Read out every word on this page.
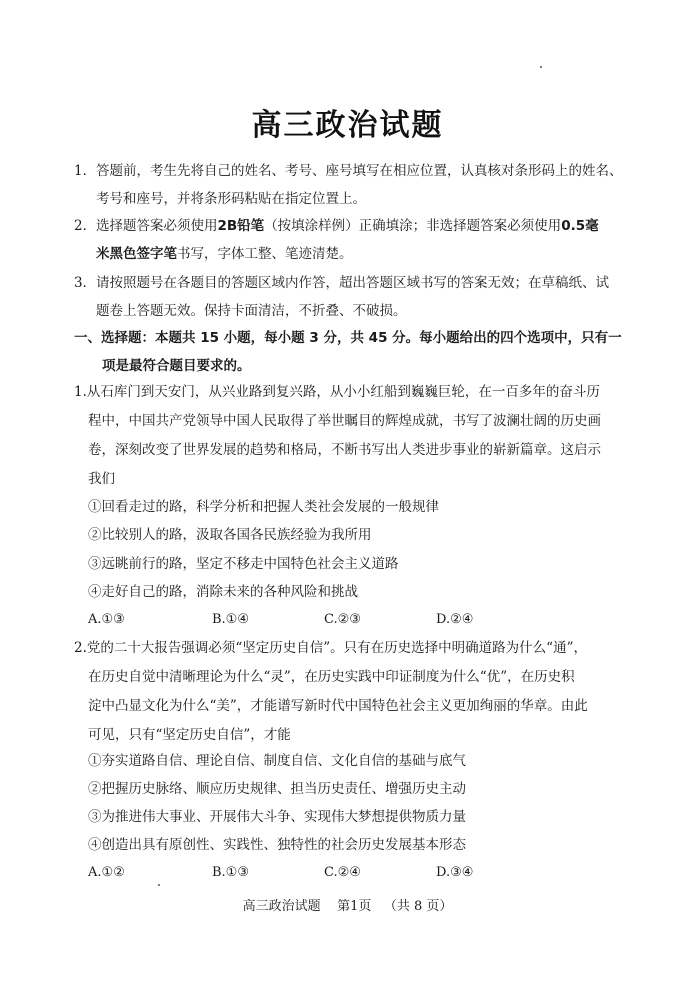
高三政治试题
1．答题前，考生先将自己的姓名、考号、座号填写在相应位置，认真核对条形码上的姓名、
考号和座号，并将条形码粘贴在指定位置上。
2．选择题答案必须使用2B铅笔（按填涂样例）正确填涂；非选择题答案必须使用0.5毫
米黑色签字笔书写，字体工整、笔迹清楚。
3．请按照题号在各题目的答题区域内作答，超出答题区域书写的答案无效；在草稿纸、试
题卷上答题无效。保持卡面清洁，不折叠、不破损。
一、选择题：本题共 15 小题，每小题 3 分，共 45 分。每小题给出的四个选项中，只有一
项是最符合题目要求的。
1.从石库门到天安门，从兴业路到复兴路，从小小红船到巍巍巨轮，在一百多年的奋斗历
程中，中国共产党领导中国人民取得了举世瞩目的辉煌成就，书写了波澜壮阔的历史画
卷，深刻改变了世界发展的趋势和格局，不断书写出人类进步事业的崭新篇章。这启示
我们
①回看走过的路，科学分析和把握人类社会发展的一般规律
②比较别人的路，汲取各国各民族经验为我所用
③远眺前行的路，坚定不移走中国特色社会主义道路
④走好自己的路，消除未来的各种风险和挑战
A.①③	B.①④	C.②③	D.②④
2.党的二十大报告强调必须“坚定历史自信”。只有在历史选择中明确道路为什么“通”，
在历史自觉中清晰理论为什么“灵”，在历史实践中印证制度为什么“优”，在历史积
淀中凸显文化为什么“美”，才能谱写新时代中国特色社会主义更加绚丽的华章。由此
可见，只有“坚定历史自信”，才能
①夯实道路自信、理论自信、制度自信、文化自信的基础与底气
②把握历史脉络、顺应历史规律、担当历史责任、增强历史主动
③为推进伟大事业、开展伟大斗争、实现伟大梦想提供物质力量
④创造出具有原创性、实践性、独特性的社会历史发展基本形态
A.①②	B.①③	C.②④	D.③④
高三政治试题    第1页   （共 8 页）
